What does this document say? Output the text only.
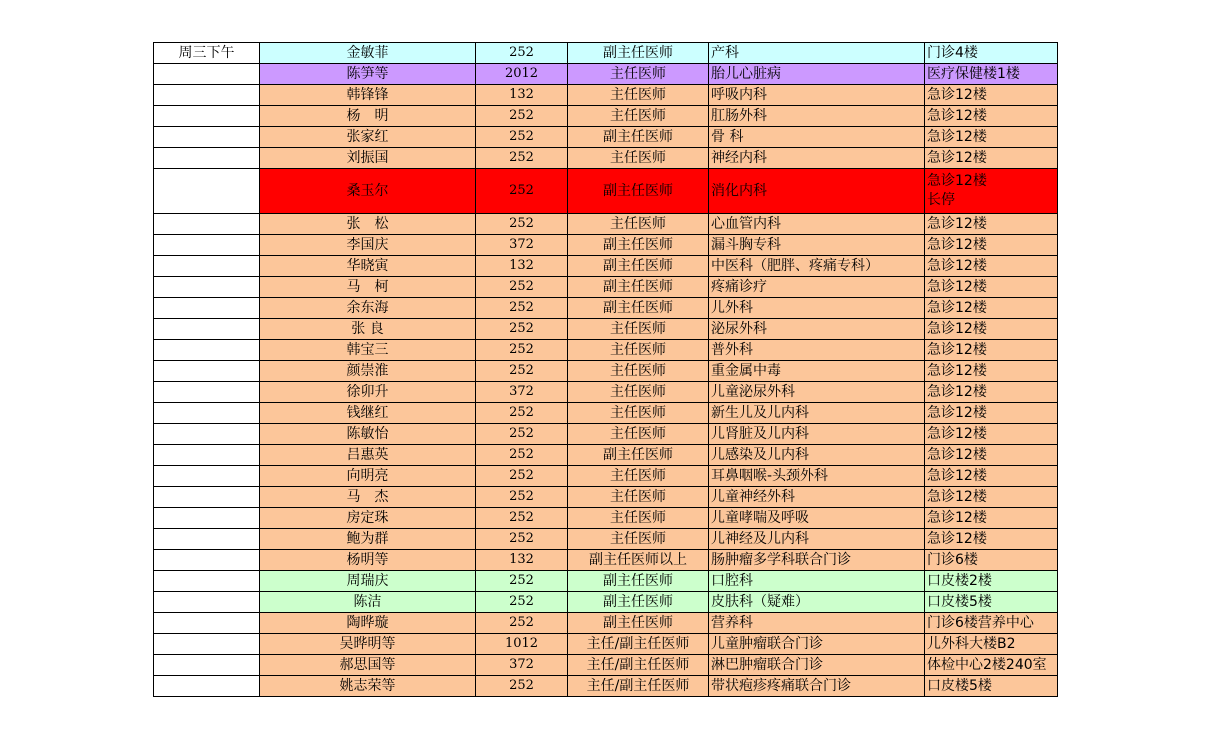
周三下午	金敏菲	252	副主任医师	产科	门诊4楼
	陈笋等	2012	主任医师	胎儿心脏病	医疗保健楼1楼
	韩锋锋	132	主任医师	呼吸内科	急诊12楼
	杨　明	252	主任医师	肛肠外科	急诊12楼
	张家红	252	副主任医师	骨 科	急诊12楼
	刘振国	252	主任医师	神经内科	急诊12楼
	桑玉尔	252	副主任医师	消化内科	急诊12楼
长停

	张　松	252	主任医师	心血管内科	急诊12楼
	李国庆	372	副主任医师	漏斗胸专科	急诊12楼
	华晓寅	132	副主任医师	中医科（肥胖、疼痛专科）	急诊12楼
	马　柯	252	副主任医师	疼痛诊疗	急诊12楼
	余东海	252	副主任医师	儿外科	急诊12楼
	张 良	252	主任医师	泌尿外科	急诊12楼
	韩宝三	252	主任医师	普外科	急诊12楼
	颜崇淮	252	主任医师	重金属中毒	急诊12楼
	徐卯升	372	主任医师	儿童泌尿外科	急诊12楼
	钱继红	252	主任医师	新生儿及儿内科	急诊12楼
	陈敏怡	252	主任医师	儿肾脏及儿内科	急诊12楼
	吕惠英	252	副主任医师	儿感染及儿内科	急诊12楼
	向明亮	252	主任医师	耳鼻咽喉-头颈外科	急诊12楼
	马　杰	252	主任医师	儿童神经外科	急诊12楼
	房定珠	252	主任医师	儿童哮喘及呼吸	急诊12楼
	鲍为群	252	主任医师	儿神经及儿内科	急诊12楼
	杨明等	132	副主任医师以上	肠肿瘤多学科联合门诊	门诊6楼
	周瑞庆	252	副主任医师	口腔科	口皮楼2楼
	陈洁	252	副主任医师	皮肤科（疑难）	口皮楼5楼
	陶晔璇	252	副主任医师	营养科	门诊6楼营养中心
	吴晔明等	1012	主任/副主任医师	儿童肿瘤联合门诊	儿外科大楼B2
	郝思国等	372	主任/副主任医师	淋巴肿瘤联合门诊	体检中心2楼240室
	姚志荣等	252	主任/副主任医师	带状疱疹疼痛联合门诊	口皮楼5楼
